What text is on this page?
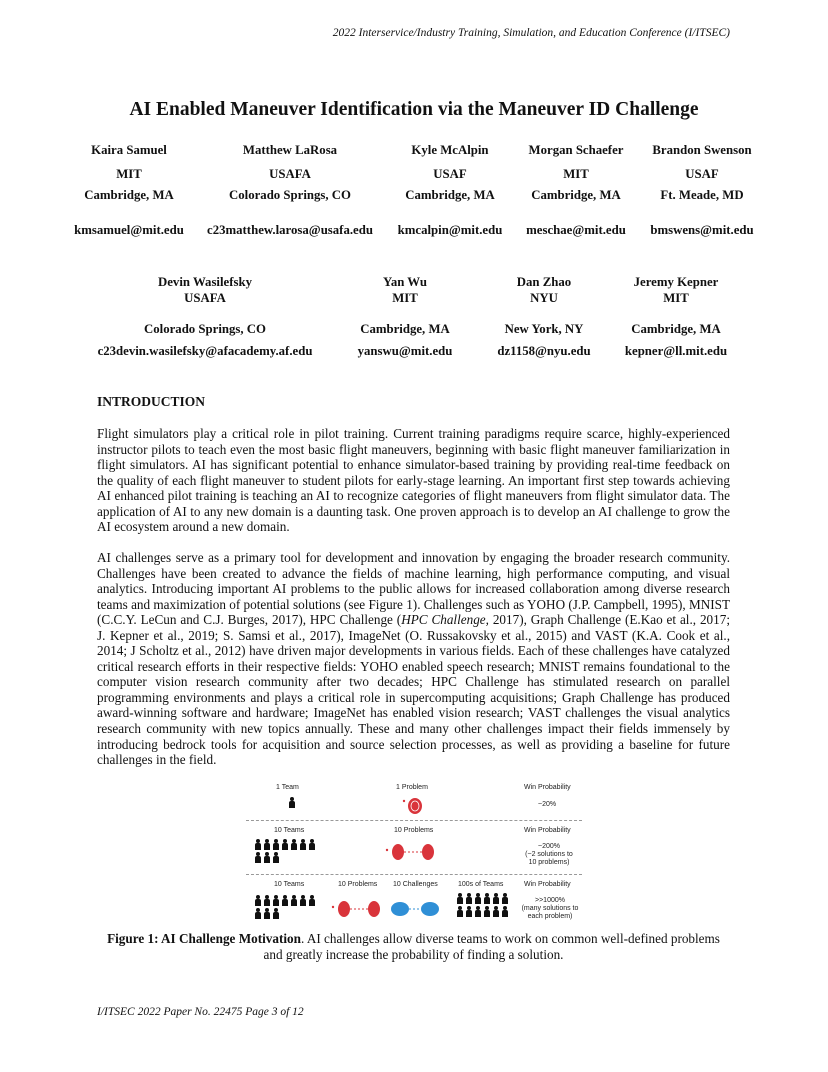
2022 Interservice/Industry Training, Simulation, and Education Conference (I/ITSEC)
AI Enabled Maneuver Identification via the Maneuver ID Challenge
Kaira Samuel
MIT
Cambridge, MA
kmsamuel@mit.edu
Matthew LaRosa
USAFA
Colorado Springs, CO
c23matthew.larosa@usafa.edu
Kyle McAlpin
USAF
Cambridge, MA
kmcalpin@mit.edu
Morgan Schaefer
MIT
Cambridge, MA
meschae@mit.edu
Brandon Swenson
USAF
Ft. Meade, MD
bmswens@mit.edu
Devin Wasilefsky
USAFA
Colorado Springs, CO
c23devin.wasilefsky@afacademy.af.edu
Yan Wu
MIT
Cambridge, MA
yanswu@mit.edu
Dan Zhao
NYU
New York, NY
dz1158@nyu.edu
Jeremy Kepner
MIT
Cambridge, MA
kepner@ll.mit.edu
INTRODUCTION

Flight simulators play a critical role in pilot training. Current training paradigms require scarce, highly-experienced instructor pilots to teach even the most basic flight maneuvers, beginning with basic flight maneuver familiarization in flight simulators. AI has significant potential to enhance simulator-based training by providing real-time feedback on the quality of each flight maneuver to student pilots for early-stage learning. An important first step towards achieving AI enhanced pilot training is teaching an AI to recognize categories of flight maneuvers from flight simulator data. The application of AI to any new domain is a daunting task. One proven approach is to develop an AI challenge to grow the AI ecosystem around a new domain.

AI challenges serve as a primary tool for development and innovation by engaging the broader research community. Challenges have been created to advance the fields of machine learning, high performance computing, and visual analytics. Introducing important AI problems to the public allows for increased collaboration among diverse research teams and maximization of potential solutions (see Figure 1). Challenges such as YOHO (J.P. Campbell, 1995), MNIST (C.C.Y. LeCun and C.J. Burges, 2017), HPC Challenge (HPC Challenge, 2017), Graph Challenge (E.Kao et al., 2017; J. Kepner et al., 2019; S. Samsi et al., 2017), ImageNet (O. Russakovsky et al., 2015) and VAST (K.A. Cook et al., 2014; J Scholtz et al., 2012) have driven major developments in various fields. Each of these challenges have catalyzed critical research efforts in their respective fields: YOHO enabled speech research; MNIST remains foundational to the computer vision research community after two decades; HPC Challenge has stimulated research on parallel programming environments and plays a critical role in supercomputing acquisitions; Graph Challenge has produced award-winning software and hardware; ImageNet has enabled vision research; VAST challenges the visual analytics research community with new topics annually. These and many other challenges impact their fields immensely by introducing bedrock tools for acquisition and source selection processes, as well as providing a baseline for future challenges in the field.

1 Team	1 Problem	Win Probability
~20%
10 Teams	10 Problems	Win Probability
~200%
(~2 solutions to
10 problems)
10 Teams	10 Problems 10 Challenges	100s of Teams	Win Probability
>>1000%
(many solutions to
each problem)

Figure 1: AI Challenge Motivation. AI challenges allow diverse teams to work on common well-defined problems and greatly increase the probability of finding a solution.

I/ITSEC 2022 Paper No. 22475 Page 3 of 12
